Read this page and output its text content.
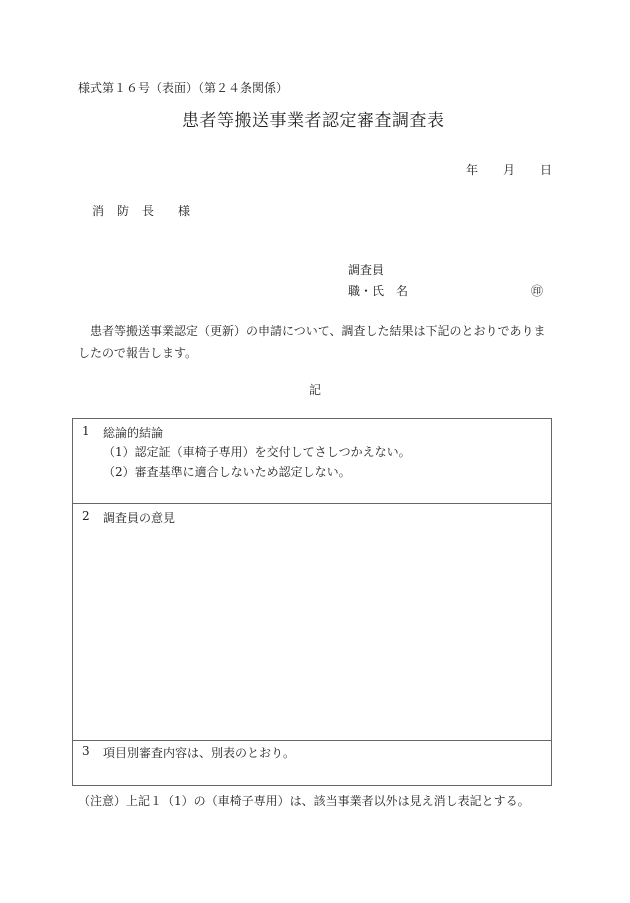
様式第１６号（表面）（第２４条関係）
患者等搬送事業者認定審査調査表
年 月 日
消 防 長 様
調査員
職・氏　名	㊞
患者等搬送事業認定（更新）の申請について、調査した結果は下記のとおりでありましたので報告します。
記
1 総論的結論
（1）認定証（車椅子専用）を交付してさしつかえない。
（2）審査基準に適合しないため認定しない。
2 調査員の意見
3 項目別審査内容は、別表のとおり。
（注意）上記１（1）の（車椅子専用）は、該当事業者以外は見え消し表記とする。
